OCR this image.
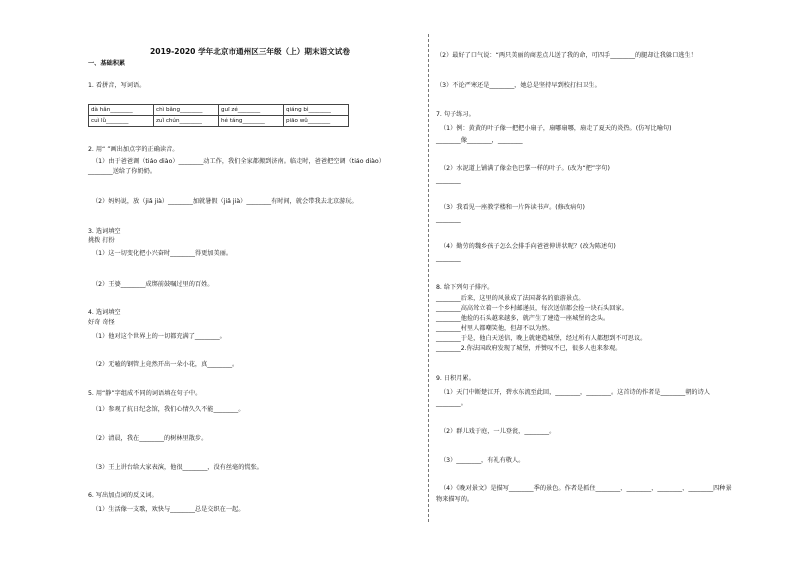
2019-2020 学年北京市通州区三年级（上）期末语文试卷
一、基础积累
1. 看拼音，写词语。
dà hǎn________	chì bǎng________	guī zé________	qiáng bì________
cuì lǜ________	zuǐ chún________	hé táng________	piāo wǔ________
2. 用“ ”画出加点字的正确读音。
（1）由于爸爸调（tiáo diào）________动工作，我们全家都搬到济南。临走时，爸爸把空调（tiáo diào）
________送给了你奶奶。
（2）妈妈说，放（jiǎ jià）________加就暑假（jiǎ jià）________有时间，就会带我去北京游玩。
3. 选词填空
挑拨 打扮
（1）这一切变化把小兴奋时________得更加美丽。
（2）王婆________成绑前鼓嘱过里的百姓。
4. 选词填空
好奇 奇怪
（1）他对这个世界上的一切都充满了________。
（2）无嗑的钢管上竟然开出一朵小花，真________。
5. 用“静”字组成不同的词语填在句子中。
（1）参观了抗日纪念馆，我们心情久久不能________。
（2）清晨，我在________的树林里散步。
（3）王上讲台给大家表演，他很________，没有丝毫的慌张。
6. 写出加点词的反义词。
（1）生活像一支歌，欢快与________总是交织在一起。
（2）最好了口气说：“两只美丽的商差点儿送了我的命，可四手________的腿却让我躲口逃生！
（3）不论严寒还是________，她总是坚持早到校打扫卫生。
7. 句子练习。
（1）例：黄黄的叶子像一把把小扇子，扇哪扇哪，扇走了夏天的炎热。(仿写比喻句)
________像________，________
（2）水泥道上铺满了像金色巴掌一样的叶子。(改为“把”字句)
________
（3）我看见一座教学楼和一片阵读书声。(修改病句)
________
（4）勤劳的魏乡孩子怎么会排手向爸爸伸讲状呢？(改为陈述句)
________
8. 给下列句子排序。
________后来，这里的风景成了法国著名的旅游景点。
________高高耸立着一个乡村邮递员，每次送信都会捡一块石头回家。
________他捡的石头越来越多，就产生了建造一座城堡的念头。
________村里人都嘲笑他，但却不以为然。
________于是，他白天送信，晚上就建造城堡，经过所有人都想到不可思议。
________2.你法国政府发现了城堡，并赞叹不已，很多人也来参观。
9. 日积月累。
（1）天门中断楚江开，碧水东流至此回，________，________。这首诗的作者是________朝的诗人
________。
（2）群儿戏于庭，一儿登瓮，________。
（3）________，有礼有敬人。
（4）《晚对景文》是描写________季的景色。作者是抓住________、________、________、________四种景
物来描写的。
